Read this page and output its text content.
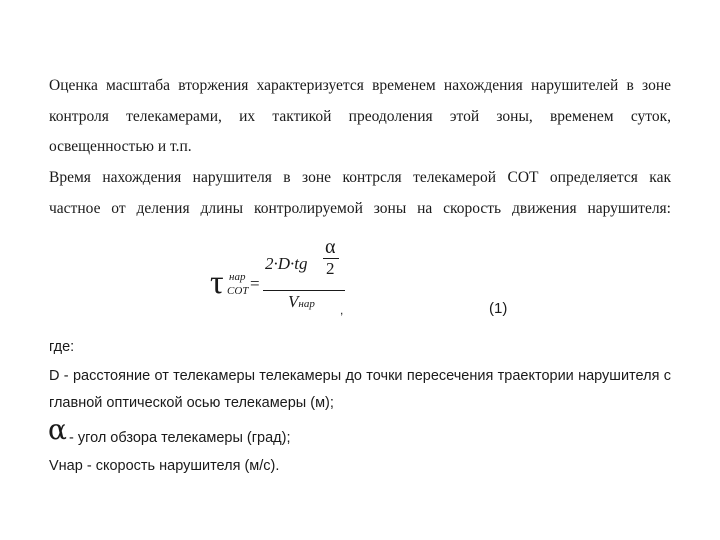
Оценка масштаба вторжения характеризуется временем нахождения нарушителей в зоне
контроля телекамерами, их тактикой преодоления этой зоны, временем суток,
освещенностью и т.п.
Время нахождения нарушителя в зоне контрсля телекамерой СОТ определяется как
частное от деления длины контролируемой зоны на скорость движения нарушителя:
τ нар
СОТ =
2·D·tg
α
2
Vнар ,	(1)
где:
D - расстояние от телекамеры телекамеры до точки пересечения траектории нарушителя с
главной оптической осью телекамеры (м);
α - угол обзора телекамеры (град);
Vнар - скорость нарушителя (м/с).
